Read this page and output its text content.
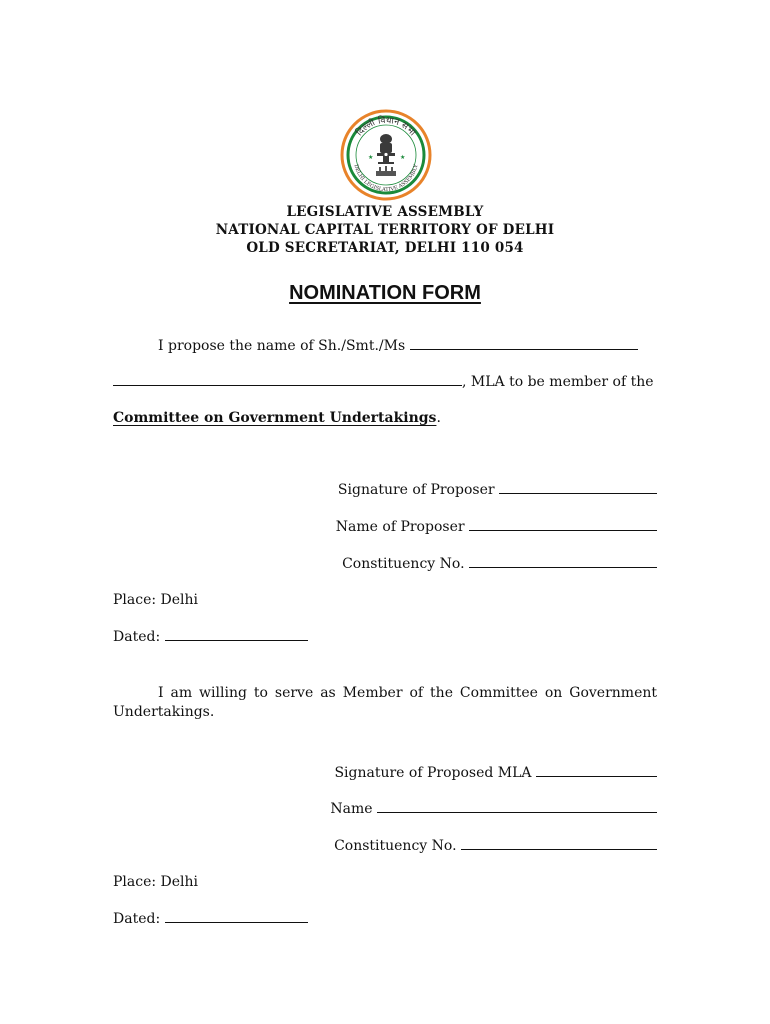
दिल्ली विधान सभा
DELHI LEGISLATIVE ASSEMBLY
★	★
LEGISLATIVE ASSEMBLY
NATIONAL CAPITAL TERRITORY OF DELHI
OLD SECRETARIAT, DELHI 110 054
NOMINATION FORM
I propose the name of Sh./Smt./Ms
, MLA to be member of the
Committee on Government Undertakings.
Signature of Proposer
Name of Proposer
Constituency No.
Place: Delhi
Dated:
I am willing to serve as Member of the Committee on Government Undertakings.
Signature of Proposed MLA
Name
Constituency No.
Place: Delhi
Dated:
